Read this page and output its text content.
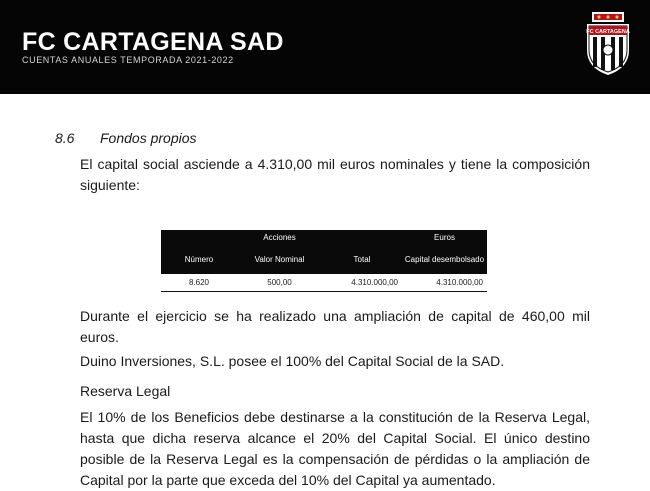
FC CARTAGENA SAD
CUENTAS ANUALES TEMPORADA 2021-2022
FC CARTAGENA
8.6 Fondos propios

El capital social asciende a 4.310,00 mil euros nominales y tiene la composición siguiente:

	Acciones		Euros
Número	Valor Nominal	Total	Capital desembolsado
8.620	500,00	4.310.000,00	4.310.000,00

Durante el ejercicio se ha realizado una ampliación de capital de 460,00 mil euros.

Duino Inversiones, S.L. posee el 100% del Capital Social de la SAD.

Reserva Legal

El 10% de los Beneficios debe destinarse a la constitución de la Reserva Legal, hasta que dicha reserva alcance el 20% del Capital Social. El único destino posible de la Reserva Legal es la compensación de pérdidas o la ampliación de Capital por la parte que exceda del 10% del Capital ya aumentado.
